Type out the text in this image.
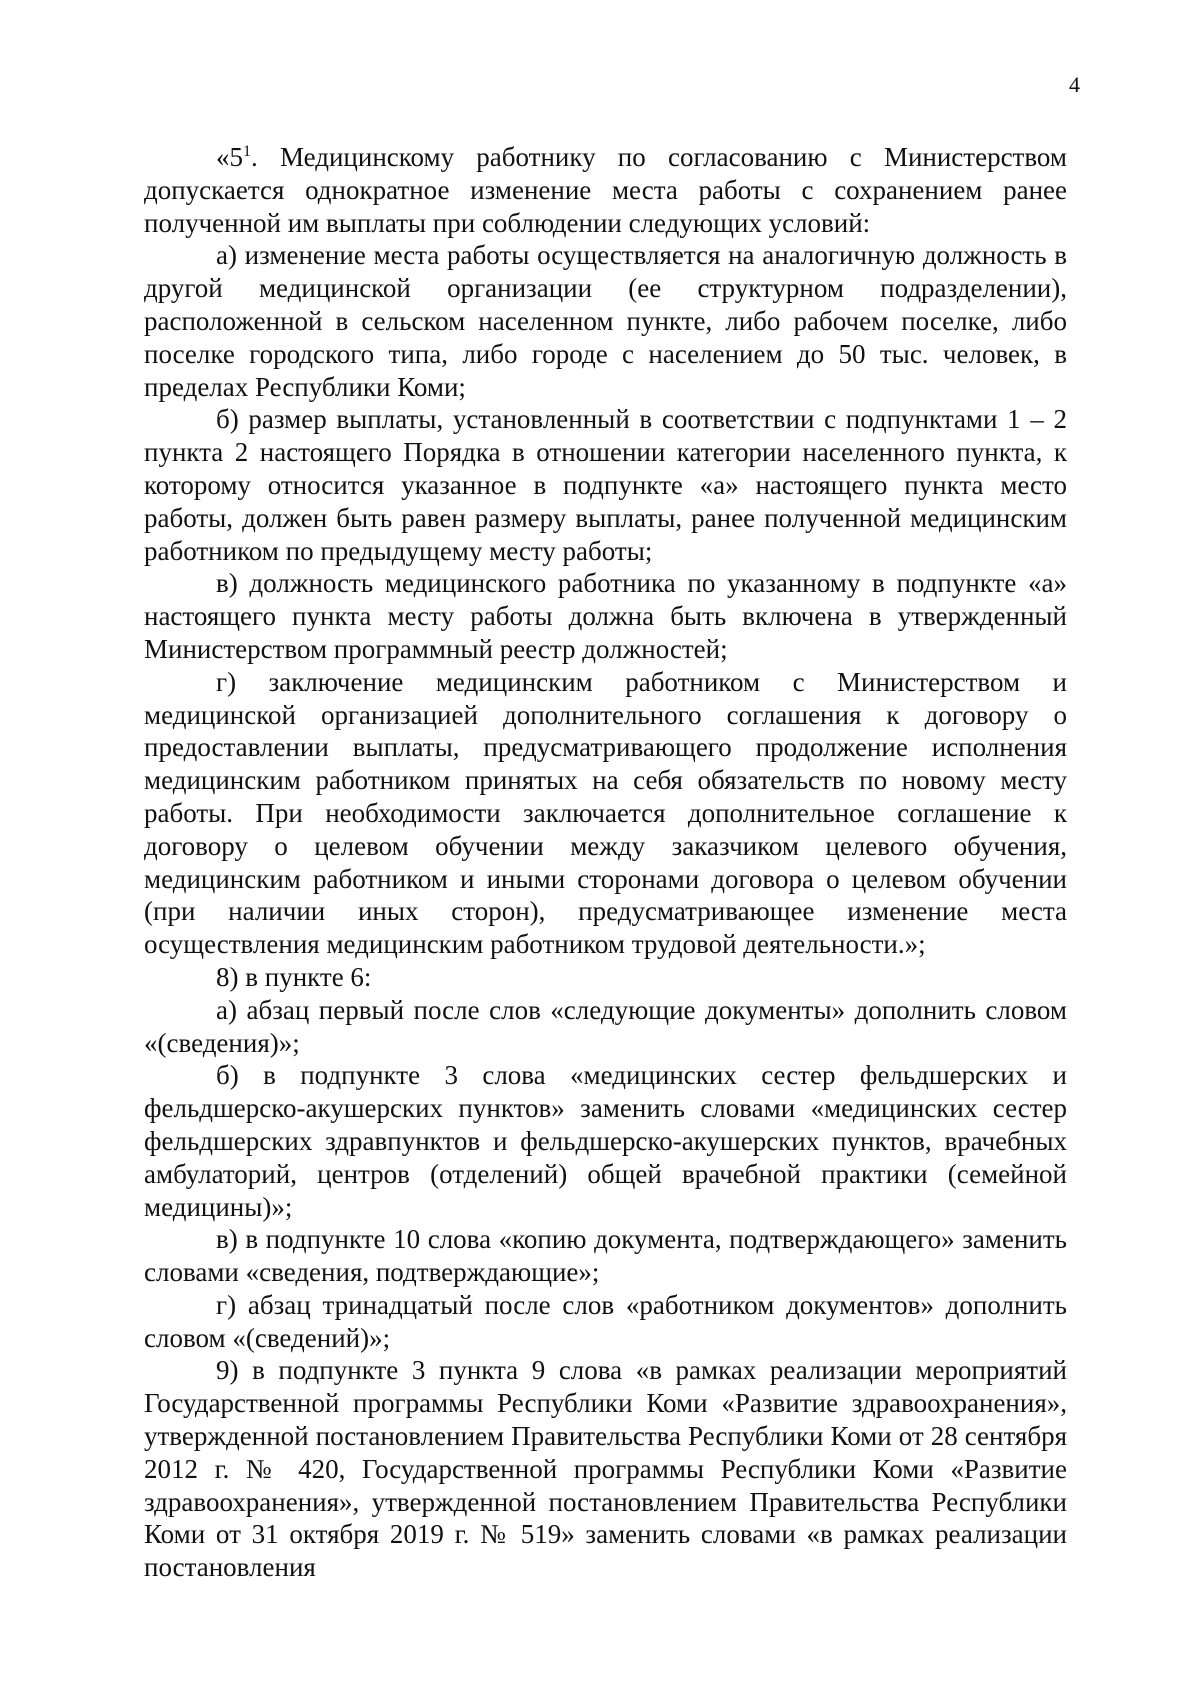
4

«$5^1$. Медицинскому работнику по согласованию с Министерством допускается однократное изменение места работы с сохранением ранее полученной им выплаты при соблюдении следующих условий:

а) изменение места работы осуществляется на аналогичную должность в другой медицинской организации (ее структурном подразделении), расположенной в сельском населенном пункте, либо рабочем поселке, либо поселке городского типа, либо городе с населением до 50 тыс. человек, в пределах Республики Коми;

б) размер выплаты, установленный в соответствии с подпунктами 1 – 2 пункта 2 настоящего Порядка в отношении категории населенного пункта, к которому относится указанное в подпункте «а» настоящего пункта место работы, должен быть равен размеру выплаты, ранее полученной медицинским работником по предыдущему месту работы;

в) должность медицинского работника по указанному в подпункте «а» настоящего пункта месту работы должна быть включена в утвержденный Министерством программный реестр должностей;

г) заключение медицинским работником с Министерством и медицинской организацией дополнительного соглашения к договору о предоставлении выплаты, предусматривающего продолжение исполнения медицинским работником принятых на себя обязательств по новому месту работы. При необходимости заключается дополнительное соглашение к договору о целевом обучении между заказчиком целевого обучения, медицинским работником и иными сторонами договора о целевом обучении (при наличии иных сторон), предусматривающее изменение места осуществления медицинским работником трудовой деятельности.»;

8) в пункте 6:

а) абзац первый после слов «следующие документы» дополнить словом «(сведения)»;

б) в подпункте 3 слова «медицинских сестер фельдшерских и фельдшерско-акушерских пунктов» заменить словами «медицинских сестер фельдшерских здравпунктов и фельдшерско-акушерских пунктов, врачебных амбулаторий, центров (отделений) общей врачебной практики (семейной медицины)»;

в) в подпункте 10 слова «копию документа, подтверждающего» заменить словами «сведения, подтверждающие»;

г) абзац тринадцатый после слов «работником документов» дополнить словом «(сведений)»;

9) в подпункте 3 пункта 9 слова «в рамках реализации мероприятий Государственной программы Республики Коми «Развитие здравоохранения», утвержденной постановлением Правительства Республики Коми от 28 сентября 2012 г. № 420, Государственной программы Республики Коми «Развитие здравоохранения», утвержденной постановлением Правительства Республики Коми от 31 октября 2019 г. № 519» заменить словами «в рамках реализации постановления
